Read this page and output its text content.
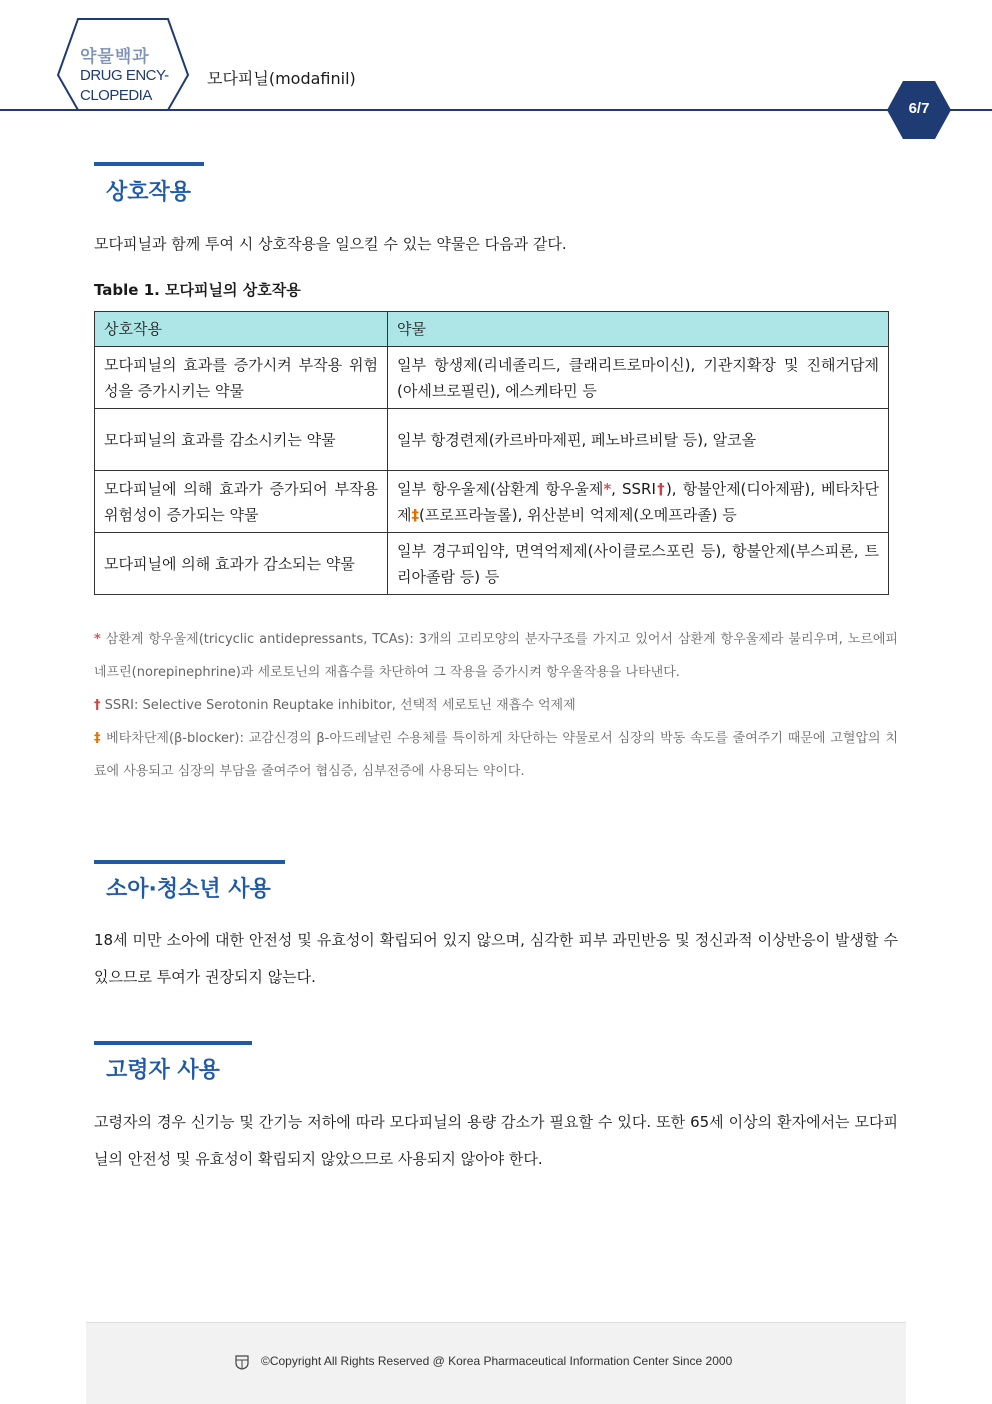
약물백과
DRUG ENCY-
CLOPEDIA
모다피닐(modafinil)
6/7
상호작용
모다피닐과 함께 투여 시 상호작용을 일으킬 수 있는 약물은 다음과 같다.
Table 1. 모다피닐의 상호작용
상호작용	약물
모다피닐의 효과를 증가시켜 부작용 위험성을 증가시키는 약물	일부 항생제(리네졸리드, 클래리트로마이신), 기관지확장 및 진해거담제(아세브로필린), 에스케타민 등
모다피닐의 효과를 감소시키는 약물	일부 항경련제(카르바마제핀, 페노바르비탈 등), 알코올
모다피닐에 의해 효과가 증가되어 부작용 위험성이 증가되는 약물	일부 항우울제(삼환계 항우울제*, SSRI†), 항불안제(디아제팜), 베타차단제‡(프로프라놀롤), 위산분비 억제제(오메프라졸) 등
모다피닐에 의해 효과가 감소되는 약물	일부 경구피임약, 면역억제제(사이클로스포린 등), 항불안제(부스피론, 트리아졸람 등) 등
* 삼환계 항우울제(tricyclic antidepressants, TCAs): 3개의 고리모양의 분자구조를 가지고 있어서 삼환계 항우울제라 불리우며, 노르에피네프린(norepinephrine)과 세로토닌의 재흡수를 차단하여 그 작용을 증가시켜 항우울작용을 나타낸다.
† SSRI: Selective Serotonin Reuptake inhibitor, 선택적 세로토닌 재흡수 억제제
‡ 베타차단제(β-blocker): 교감신경의 β-아드레날린 수용체를 특이하게 차단하는 약물로서 심장의 박동 속도를 줄여주기 때문에 고혈압의 치료에 사용되고 심장의 부담을 줄여주어 협심증, 심부전증에 사용되는 약이다.
소아·청소년 사용
18세 미만 소아에 대한 안전성 및 유효성이 확립되어 있지 않으며, 심각한 피부 과민반응 및 정신과적 이상반응이 발생할 수 있으므로 투여가 권장되지 않는다.
고령자 사용
고령자의 경우 신기능 및 간기능 저하에 따라 모다피닐의 용량 감소가 필요할 수 있다. 또한 65세 이상의 환자에서는 모다피닐의 안전성 및 유효성이 확립되지 않았으므로 사용되지 않아야 한다.
©Copyright All Rights Reserved @ Korea Pharmaceutical Information Center Since 2000
